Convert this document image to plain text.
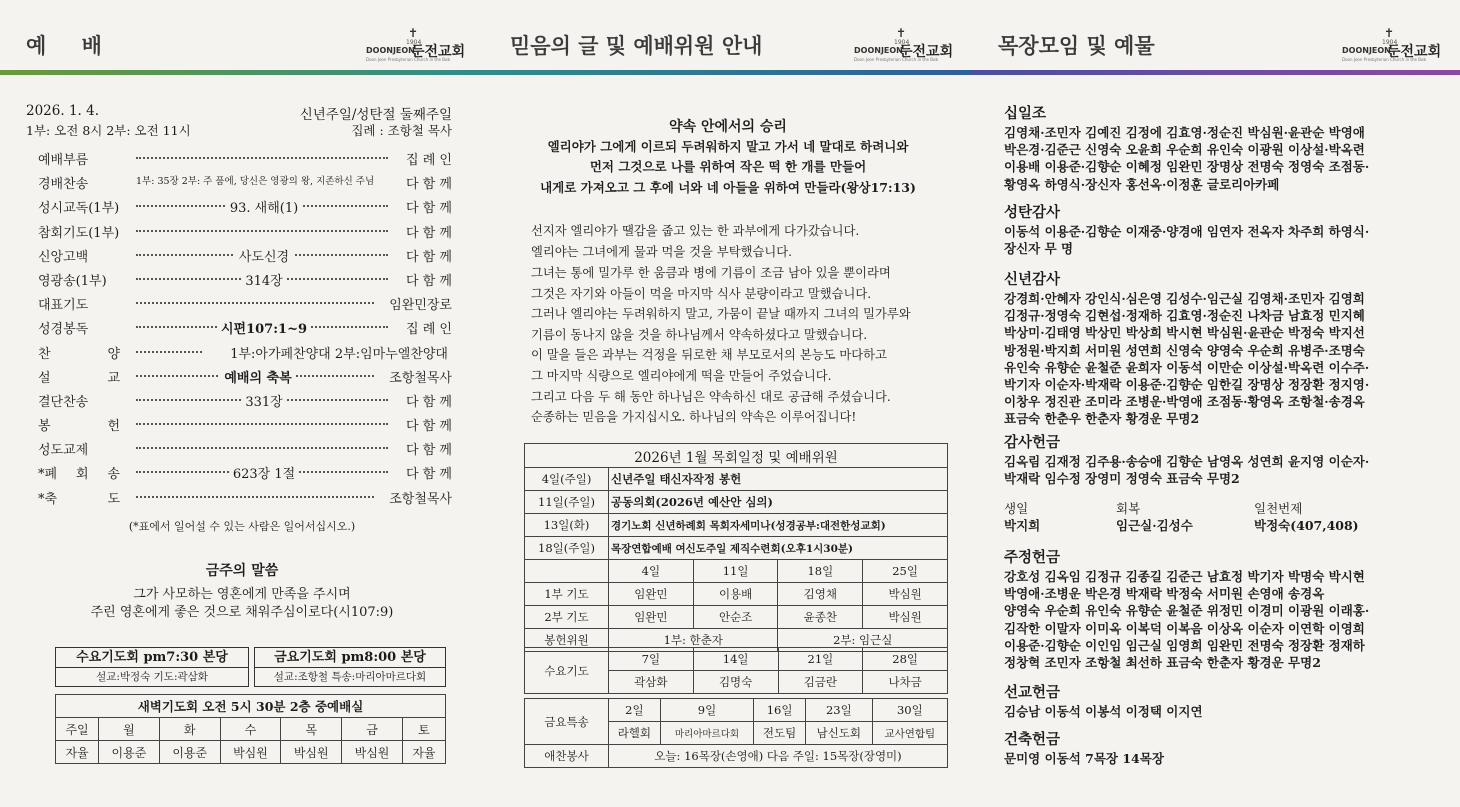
예 배
✝
1904
DOONJEON
둔전교회
Doon Jeon Presbyterian Church in the Bob
2026. 1. 4.	신년주일/성탄절 둘째주일
1부: 오전 8시 2부: 오전 11시	집례 : 조항철 목사
예배부름	집 례 인
경배찬송	1부: 35장 2부: 주 품에, 당신은 영광의 왕, 지존하신 주님	다 함 께
성시교독(1부)	93. 새해(1)	다 함 께
참회기도(1부)	다 함 께
신앙고백	사도신경	다 함 께
영광송(1부)	314장	다 함 께
대표기도	임완민장로
성경봉독	시편107:1~9	집 례 인
찬 양	1부:아가페찬양대 2부:임마누엘찬양대
설 교	예배의 축복	조항철목사
결단찬송	331장	다 함 께
봉 헌	다 함 께
성도교제	다 함 께
*폐 회 송	623장 1절	다 함 께
*축 도	조항철목사
(*표에서 일어설 수 있는 사람은 일어서십시오.)
금주의 말씀
그가 사모하는 영혼에게 만족을 주시며
주린 영혼에게 좋은 것으로 채워주심이로다(시107:9)
수요기도회 pm7:30 본당
설교:박정숙 기도:곽삼화
금요기도회 pm8:00 본당
설교:조항철 특송:마리아마르다회
새벽기도회 오전 5시 30분 2층 중예배실						
주일	월	화	수	목	금	토
자율	이용준	이용준	박심원	박심원	박심원	자율
믿음의 글 및 예배위원 안내
✝
1904
DOONJEON
둔전교회
Doon Jeon Presbyterian Church in the Bob
약속 안에서의 승리
엘리야가 그에게 이르되 두려워하지 말고 가서 네 말대로 하려니와
먼저 그것으로 나를 위하여 작은 떡 한 개를 만들어
내게로 가져오고 그 후에 너와 네 아들을 위하여 만들라(왕상17:13)
선지자 엘리야가 땔감을 줍고 있는 한 과부에게 다가갔습니다.
엘리야는 그녀에게 물과 먹을 것을 부탁했습니다.
그녀는 통에 밀가루 한 움큼과 병에 기름이 조금 남아 있을 뿐이라며
그것은 자기와 아들이 먹을 마지막 식사 분량이라고 말했습니다.
그러나 엘리야는 두려워하지 말고, 가뭄이 끝날 때까지 그녀의 밀가루와
기름이 동나지 않을 것을 하나님께서 약속하셨다고 말했습니다.
이 말을 들은 과부는 걱정을 뒤로한 채 부모로서의 본능도 마다하고
그 마지막 식량으로 엘리야에게 떡을 만들어 주었습니다.
그리고 다음 두 해 동안 하나님은 약속하신 대로 공급해 주셨습니다.
순종하는 믿음을 가지십시오. 하나님의 약속은 이루어집니다!
2026년 1월 목회일정 및 예배위원				
4일(주일)	신년주일 태신자작정 봉헌			
11일(주일)	공동의회(2026년 예산안 심의)			
13일(화)	경기노회 신년하례회 목회자세미나(성경공부:대전한성교회)			
18일(주일)	목장연합예배 여신도주일 제직수련회(오후1시30분)			
	4일	11일	18일	25일
1부 기도	임완민	이용배	김영채	박심원
2부 기도	임완민	안순조	윤종찬	박심원
봉헌위원	1부: 한춘자		2부: 임근실	
수요기도	7일	14일	21일	28일
	곽삼화	김명숙	김금란	나차금
금요특송	2일	9일	16일	23일	30일
	라헬회	마리아마르다회	전도팀	남신도회	교사연합팀
애찬봉사	오늘: 16목장(손영애) 다음 주일: 15목장(장영미)				
목장모임 및 예물
✝
1904
DOONJEON
둔전교회
Doon Jeon Presbyterian Church in the Bob
십일조
김영채·조민자 김예진 김정에 김효영·정순진 박심원·윤관순 박영애
박은경·김준근 신영숙 오윤희 우순희 유인숙 이광원 이상설·박옥련
이용배 이용준·김향순 이혜정 임완민 장명상 전명숙 정영숙 조점동·
황영옥 하영식·장신자 홍선옥·이정훈 글로리아카페
성탄감사
이동석 이용준·김향순 이재중·양경애 임연자 전옥자 차주희 하영식·
장신자 무 명
신년감사
강경희·안혜자 강인식·심은영 김성수·임근실 김영채·조민자 김영희
김정규·정영숙 김현섭·정재하 김효영·정순진 나차금 남효정 민지혜
박상미·김태영 박상민 박상희 박시현 박심원·윤관순 박정숙 박지선
방정원·박지희 서미원 성연희 신영숙 양영숙 우순희 유병주·조명숙
유인숙 유향순 윤철준 윤희자 이동석 이만순 이상설·박옥련 이수주·
박기자 이순자·박재락 이용준·김향순 임한길 장명상 정장환 정지영·
이창우 정진관 조미라 조병운·박영애 조점동·황영옥 조항철·송경옥
표금숙 한춘우 한춘자 황경운 무명2
감사헌금
김옥림 김재정 김주용·송승애 김향순 남영옥 성연희 윤지영 이순자·
박재락 임수정 장영미 정영숙 표금숙 무명2
생일
박지희
회복
임근실·김성수
일천번제
박정숙(407,408)
주정헌금
강호성 김옥임 김정규 김종길 김준근 남효정 박기자 박명숙 박시현
박영애·조병운 박은경 박재락 박정숙 서미원 손영애 송경옥
양영숙 우순희 유인숙 유향순 윤철준 위정민 이경미 이광원 이래홍·
김작한 이말자 이미옥 이복덕 이복음 이상옥 이순자 이연학 이영희
이용준·김향순 이인임 임근실 임영희 임완민 전명숙 정장환 정재하
정창혁 조민자 조항철 최선하 표금숙 한춘자 황경운 무명2
선교헌금
김승남 이동석 이봉석 이정택 이지연
건축헌금
문미영 이동석 7목장 14목장
